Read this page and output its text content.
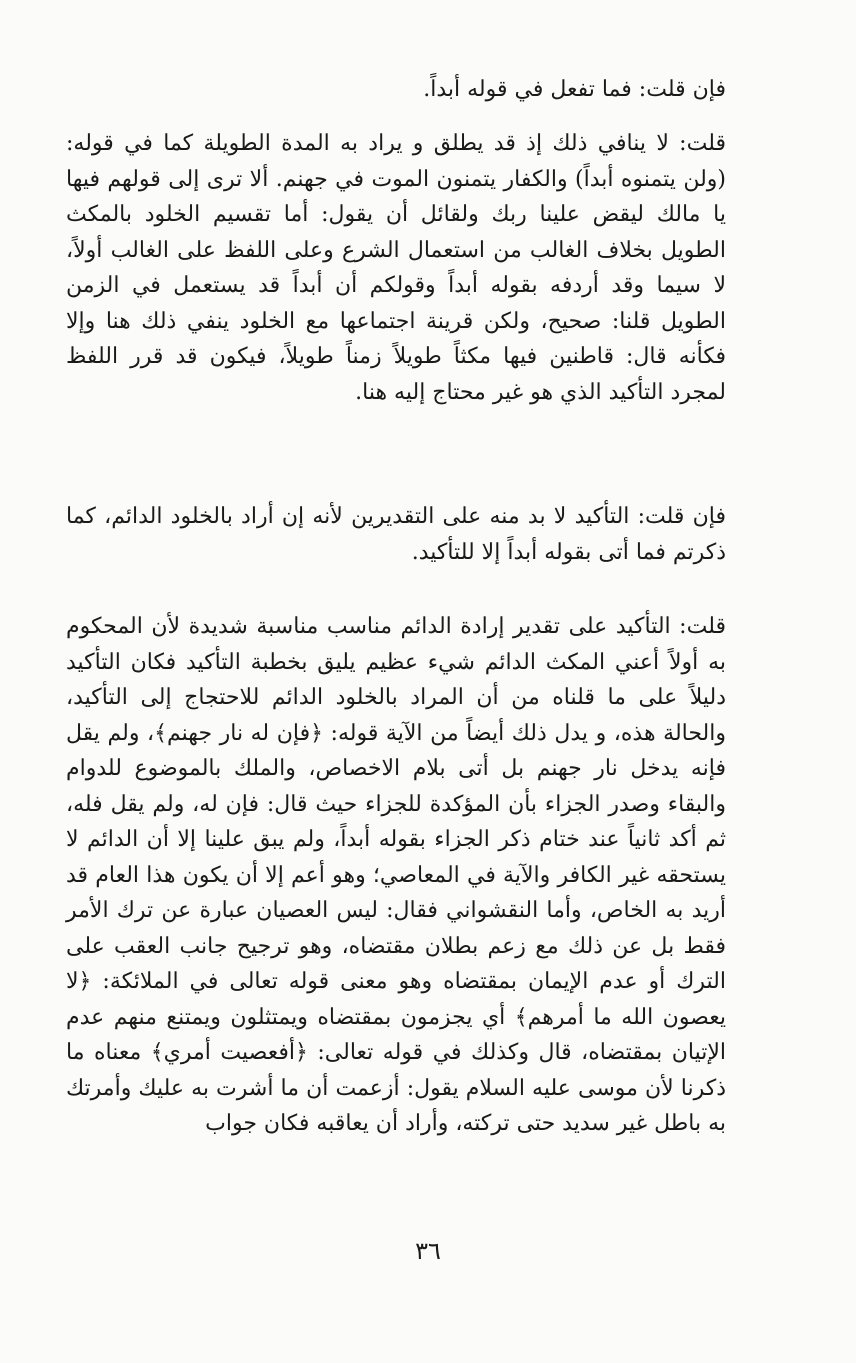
فإن قلت: فما تفعل في قوله أبداً.

قلت: لا ينافي ذلك إذ قد يطلق و يراد به المدة الطويلة كما في قوله: (ولن يتمنوه أبداً) والكفار يتمنون الموت في جهنم. ألا ترى إلى قولهم فيها يا مالك ليقض علينا ربك ولقائل أن يقول: أما تقسيم الخلود بالمكث الطويل بخلاف الغالب من استعمال الشرع وعلى اللفظ على الغالب أولاً، لا سيما وقد أردفه بقوله أبداً وقولكم أن أبداً قد يستعمل في الزمن الطويل قلنا: صحيح، ولكن قرينة اجتماعها مع الخلود ينفي ذلك هنا وإلا فكأنه قال: قاطنين فيها مكثاً طويلاً زمناً طويلاً، فيكون قد قرر اللفظ لمجرد التأكيد الذي هو غير محتاج إليه هنا.

فإن قلت: التأكيد لا بد منه على التقديرين لأنه إن أراد بالخلود الدائم، كما ذكرتم فما أتى بقوله أبداً إلا للتأكيد.

قلت: التأكيد على تقدير إرادة الدائم مناسب مناسبة شديدة لأن المحكوم به أولاً أعني المكث الدائم شيء عظيم يليق بخطبة التأكيد فكان التأكيد دليلاً على ما قلناه من أن المراد بالخلود الدائم للاحتجاج إلى التأكيد، والحالة هذه، و يدل ذلك أيضاً من الآية قوله: ﴿فإن له نار جهنم﴾، ولم يقل فإنه يدخل نار جهنم بل أتى بلام الاخصاص، والملك بالموضوع للدوام والبقاء وصدر الجزاء بأن المؤكدة للجزاء حيث قال: فإن له، ولم يقل فله، ثم أكد ثانياً عند ختام ذكر الجزاء بقوله أبداً، ولم يبق علينا إلا أن الدائم لا يستحقه غير الكافر والآية في المعاصي؛ وهو أعم إلا أن يكون هذا العام قد أريد به الخاص، وأما النقشواني فقال: ليس العصيان عبارة عن ترك الأمر فقط بل عن ذلك مع زعم بطلان مقتضاه، وهو ترجيح جانب العقب على الترك أو عدم الإيمان بمقتضاه وهو معنى قوله تعالى في الملائكة: ﴿لا يعصون الله ما أمرهم﴾ أي يجزمون بمقتضاه ويمتثلون ويمتنع منهم عدم الإتيان بمقتضاه، قال وكذلك في قوله تعالى: ﴿أفعصيت أمري﴾ معناه ما ذكرنا لأن موسى عليه السلام يقول: أزعمت أن ما أشرت به عليك وأمرتك به باطل غير سديد حتى تركته، وأراد أن يعاقبه فكان جواب

٣٦
